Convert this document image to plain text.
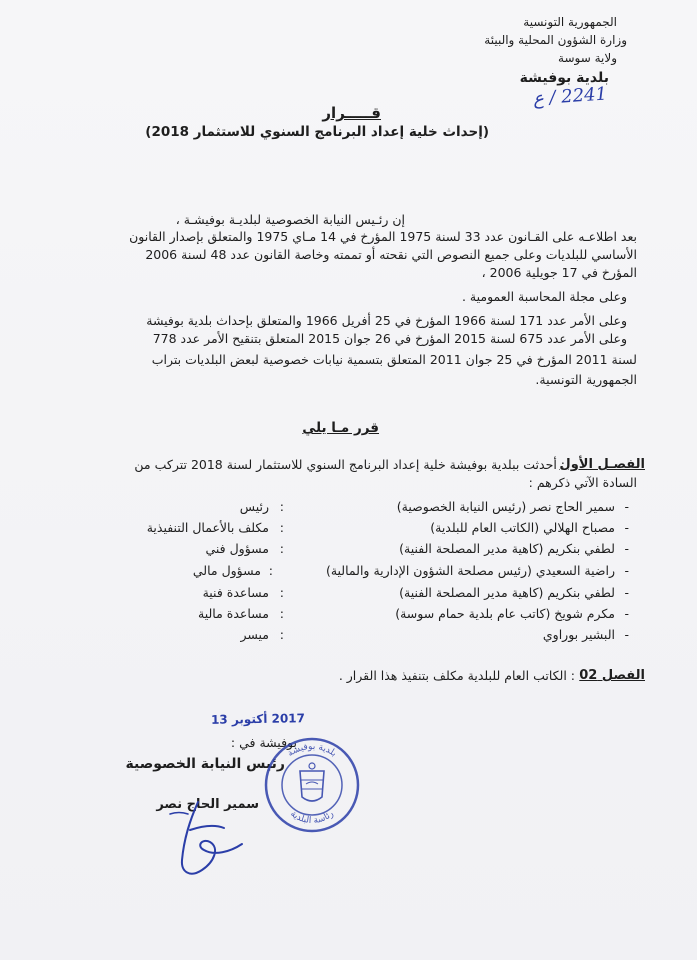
الجمهورية التونسية
وزارة الشؤون المحلية والبيئة
ولاية سوسة
بلدية بوفيشة
2241 / ع
قـــــرار
(إحداث خلية إعداد البرنامج السنوي للاستثمار 2018)
إن رئـيس النيابة الخصوصية لبلديـة بوفيشـة ،
بعد اطلاعـه على القـانون عدد 33 لسنة 1975 المؤرخ في 14 مـاي 1975 والمتعلق بإصدار القانون
الأساسي للبلديات وعلى جميع النصوص التي نقحته أو تممته وخاصة القانون عدد 48 لسنة 2006
المؤرخ في 17 جويلية 2006 ،
وعلى مجلة المحاسبة العمومية .
وعلى الأمر عدد 171 لسنة 1966 المؤرخ في 25 أفريل 1966 والمتعلق بإحداث بلدية بوفيشة
وعلى الأمر عدد 675 لسنة 2015 المؤرخ في 26 جوان 2015 المتعلق بتنقيح الأمر عدد 778
لسنة 2011 المؤرخ في 25 جوان 2011 المتعلق بتسمية نيابات خصوصية لبعض البلديات بتراب
الجمهورية التونسية.
قرر مـا يلي
الفصـل الأول
: أحدثت ببلدية بوفيشة خلية إعداد البرنامج السنوي للاستثمار لسنة 2018 تتركب من
السادة الآتي ذكرهم :
-
سمير الحاج نصر (رئيس النيابة الخصوصية)
:
رئيس
-
مصباح الهلالي (الكاتب العام للبلدية)
:
مكلف بالأعمال التنفيذية
-
لطفي بنكريم (كاهية مدير المصلحة الفنية)
:
مسؤول فني
-
راضية السعيدي (رئيس مصلحة الشؤون الإدارية والمالية)
:
مسؤول مالي
-
لطفي بنكريم (كاهية مدير المصلحة الفنية)
:
مساعدة فنية
-
مكرم شويخ (كاتب عام بلدية حمام سوسة)
:
مساعدة مالية
-
البشير بوراوي
:
ميسر
الفصل 02
: الكاتب العام للبلدية مكلف بتنفيذ هذا القرار .
2017 أكتوبر 13
بوفيشة في :
رئيس النيابة الخصوصية
سمير الحاج نصر
بلدية بوفيشة
رئاسة البلدية
